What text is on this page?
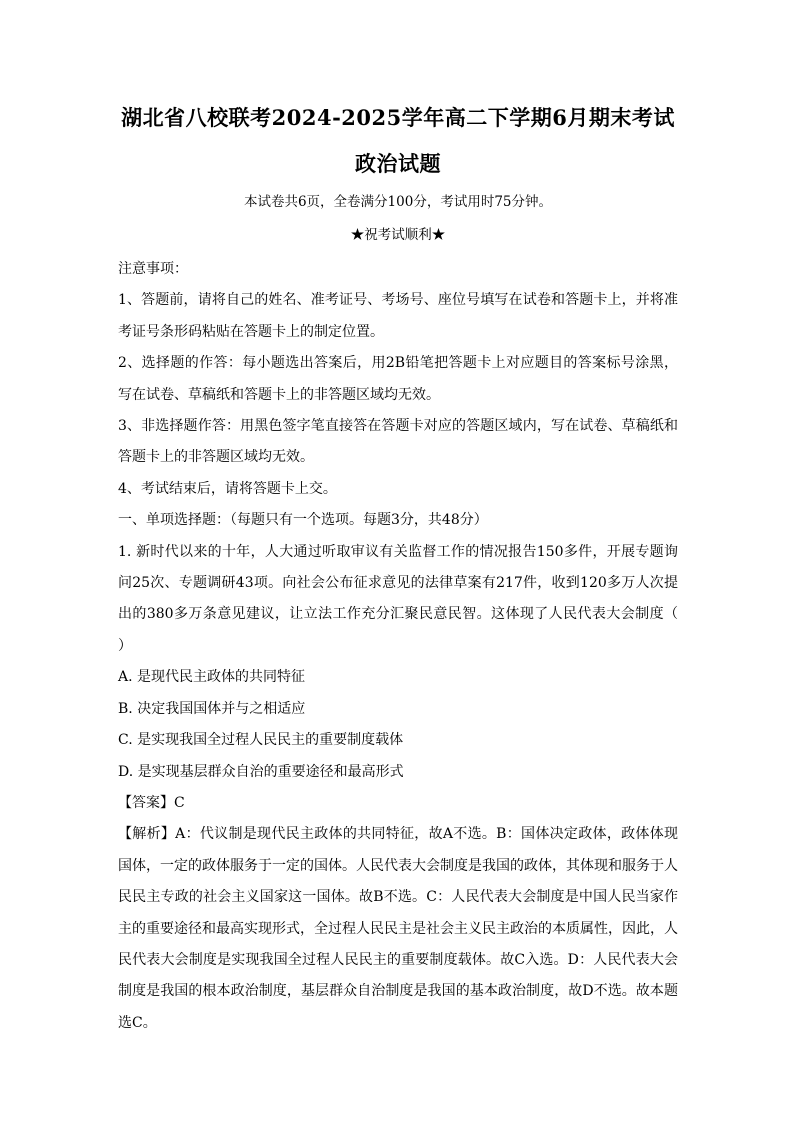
湖北省八校联考2024-2025学年高二下学期6月期末考试
政治试题
本试卷共6页，全卷满分100分，考试用时75分钟。
★祝考试顺利★

注意事项：

1、答题前，请将自己的姓名、准考证号、考场号、座位号填写在试卷和答题卡上，并将准考证号条形码粘贴在答题卡上的制定位置。

2、选择题的作答：每小题选出答案后，用2B铅笔把答题卡上对应题目的答案标号涂黑，写在试卷、草稿纸和答题卡上的非答题区域均无效。

3、非选择题作答：用黑色签字笔直接答在答题卡对应的答题区域内，写在试卷、草稿纸和答题卡上的非答题区域均无效。

4、考试结束后，请将答题卡上交。

一、单项选择题：（每题只有一个选项。每题3分，共48分）

1. 新时代以来的十年，人大通过听取审议有关监督工作的情况报告150多件，开展专题询问25次、专题调研43项。向社会公布征求意见的法律草案有217件，收到120多万人次提出的380多万条意见建议，让立法工作充分汇聚民意民智。这体现了人民代表大会制度（　　）

A. 是现代民主政体的共同特征

B. 决定我国国体并与之相适应

C. 是实现我国全过程人民民主的重要制度载体

D. 是实现基层群众自治的重要途径和最高形式

【答案】C

【解析】A：代议制是现代民主政体的共同特征，故A不选。B：国体决定政体，政体体现国体，一定的政体服务于一定的国体。人民代表大会制度是我国的政体，其体现和服务于人民民主专政的社会主义国家这一国体。故B不选。C：人民代表大会制度是中国人民当家作主的重要途径和最高实现形式，全过程人民民主是社会主义民主政治的本质属性，因此，人民代表大会制度是实现我国全过程人民民主的重要制度载体。故C入选。D：人民代表大会制度是我国的根本政治制度，基层群众自治制度是我国的基本政治制度，故D不选。故本题选C。
